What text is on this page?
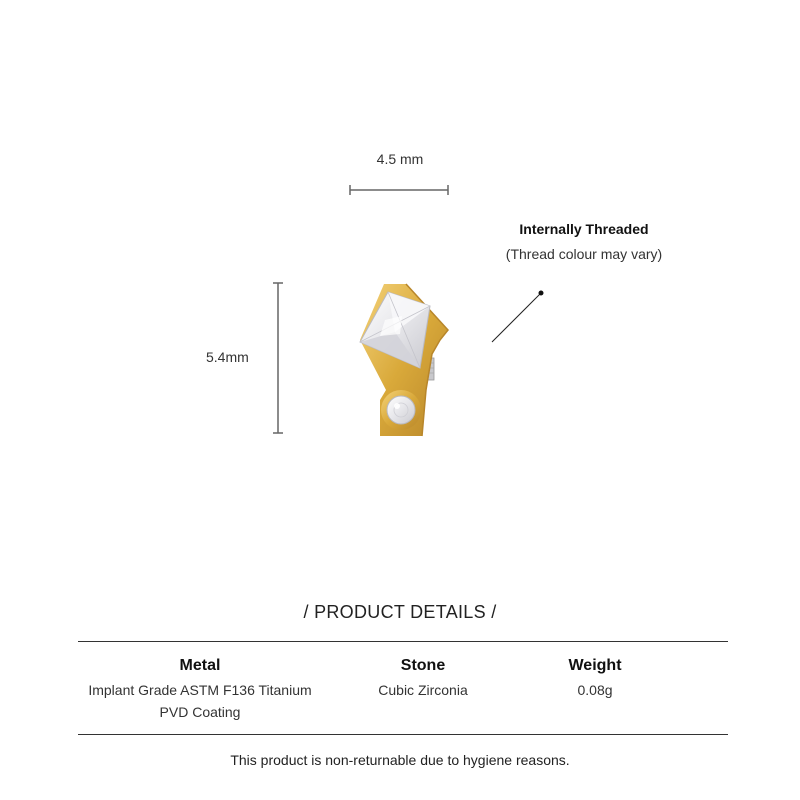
4.5 mm
5.4mm
Internally Threaded
(Thread colour may vary)
/ PRODUCT DETAILS /
Metal
Implant Grade ASTM F136 Titanium
PVD Coating
Stone
Cubic Zirconia
Weight
0.08g
This product is non-returnable due to hygiene reasons.
